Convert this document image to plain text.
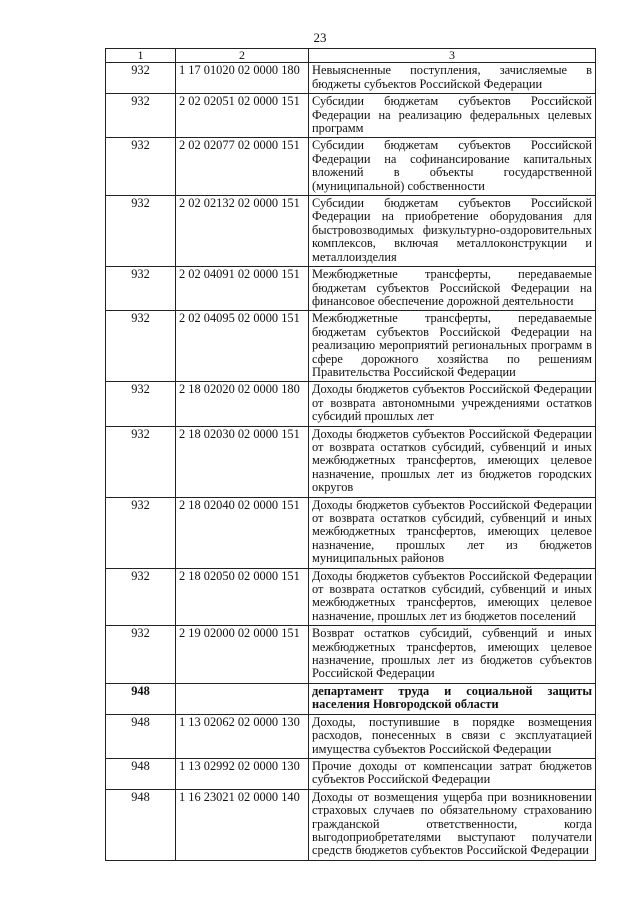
23
1	2	3
932	1 17 01020 02 0000 180	Невыясненные поступления, зачисляемые в бюджеты субъектов Российской Федерации
932	2 02 02051 02 0000 151	Субсидии бюджетам субъектов Российской Федерации на реализацию федеральных целевых программ
932	2 02 02077 02 0000 151	Субсидии бюджетам субъектов Российской Федерации на софинансирование капитальных вложений в объекты государственной (муниципальной) собственности
932	2 02 02132 02 0000 151	Субсидии бюджетам субъектов Российской Федерации на приобретение оборудования для быстровозводимых физкультурно-оздоровительных комплексов, включая металлоконструкции и металлоизделия
932	2 02 04091 02 0000 151	Межбюджетные трансферты, передаваемые бюджетам субъектов Российской Федерации на финансовое обеспечение дорожной деятельности
932	2 02 04095 02 0000 151	Межбюджетные трансферты, передаваемые бюджетам субъектов Российской Федерации на реализацию мероприятий региональных программ в сфере дорожного хозяйства по решениям Правительства Российской Федерации
932	2 18 02020 02 0000 180	Доходы бюджетов субъектов Российской Федерации от возврата автономными учреждениями остатков субсидий прошлых лет
932	2 18 02030 02 0000 151	Доходы бюджетов субъектов Российской Федерации от возврата остатков субсидий, субвенций и иных межбюджетных трансфертов, имеющих целевое назначение, прошлых лет из бюджетов городских округов
932	2 18 02040 02 0000 151	Доходы бюджетов субъектов Российской Федерации от возврата остатков субсидий, субвенций и иных межбюджетных трансфертов, имеющих целевое назначение, прошлых лет из бюджетов муниципальных районов
932	2 18 02050 02 0000 151	Доходы бюджетов субъектов Российской Федерации от возврата остатков субсидий, субвенций и иных межбюджетных трансфертов, имеющих целевое назначение, прошлых лет из бюджетов поселений
932	2 19 02000 02 0000 151	Возврат остатков субсидий, субвенций и иных межбюджетных трансфертов, имеющих целевое назначение, прошлых лет из бюджетов субъектов Российской Федерации
948		департамент труда и социальной защиты населения Новгородской области
948	1 13 02062 02 0000 130	Доходы, поступившие в порядке возмещения расходов, понесенных в связи с эксплуатацией имущества субъектов Российской Федерации
948	1 13 02992 02 0000 130	Прочие доходы от компенсации затрат бюджетов субъектов Российской Федерации
948	1 16 23021 02 0000 140	Доходы от возмещения ущерба при возникновении страховых случаев по обязательному страхованию гражданской ответственности, когда выгодоприобретателями выступают получатели средств бюджетов субъектов Российской Федерации
